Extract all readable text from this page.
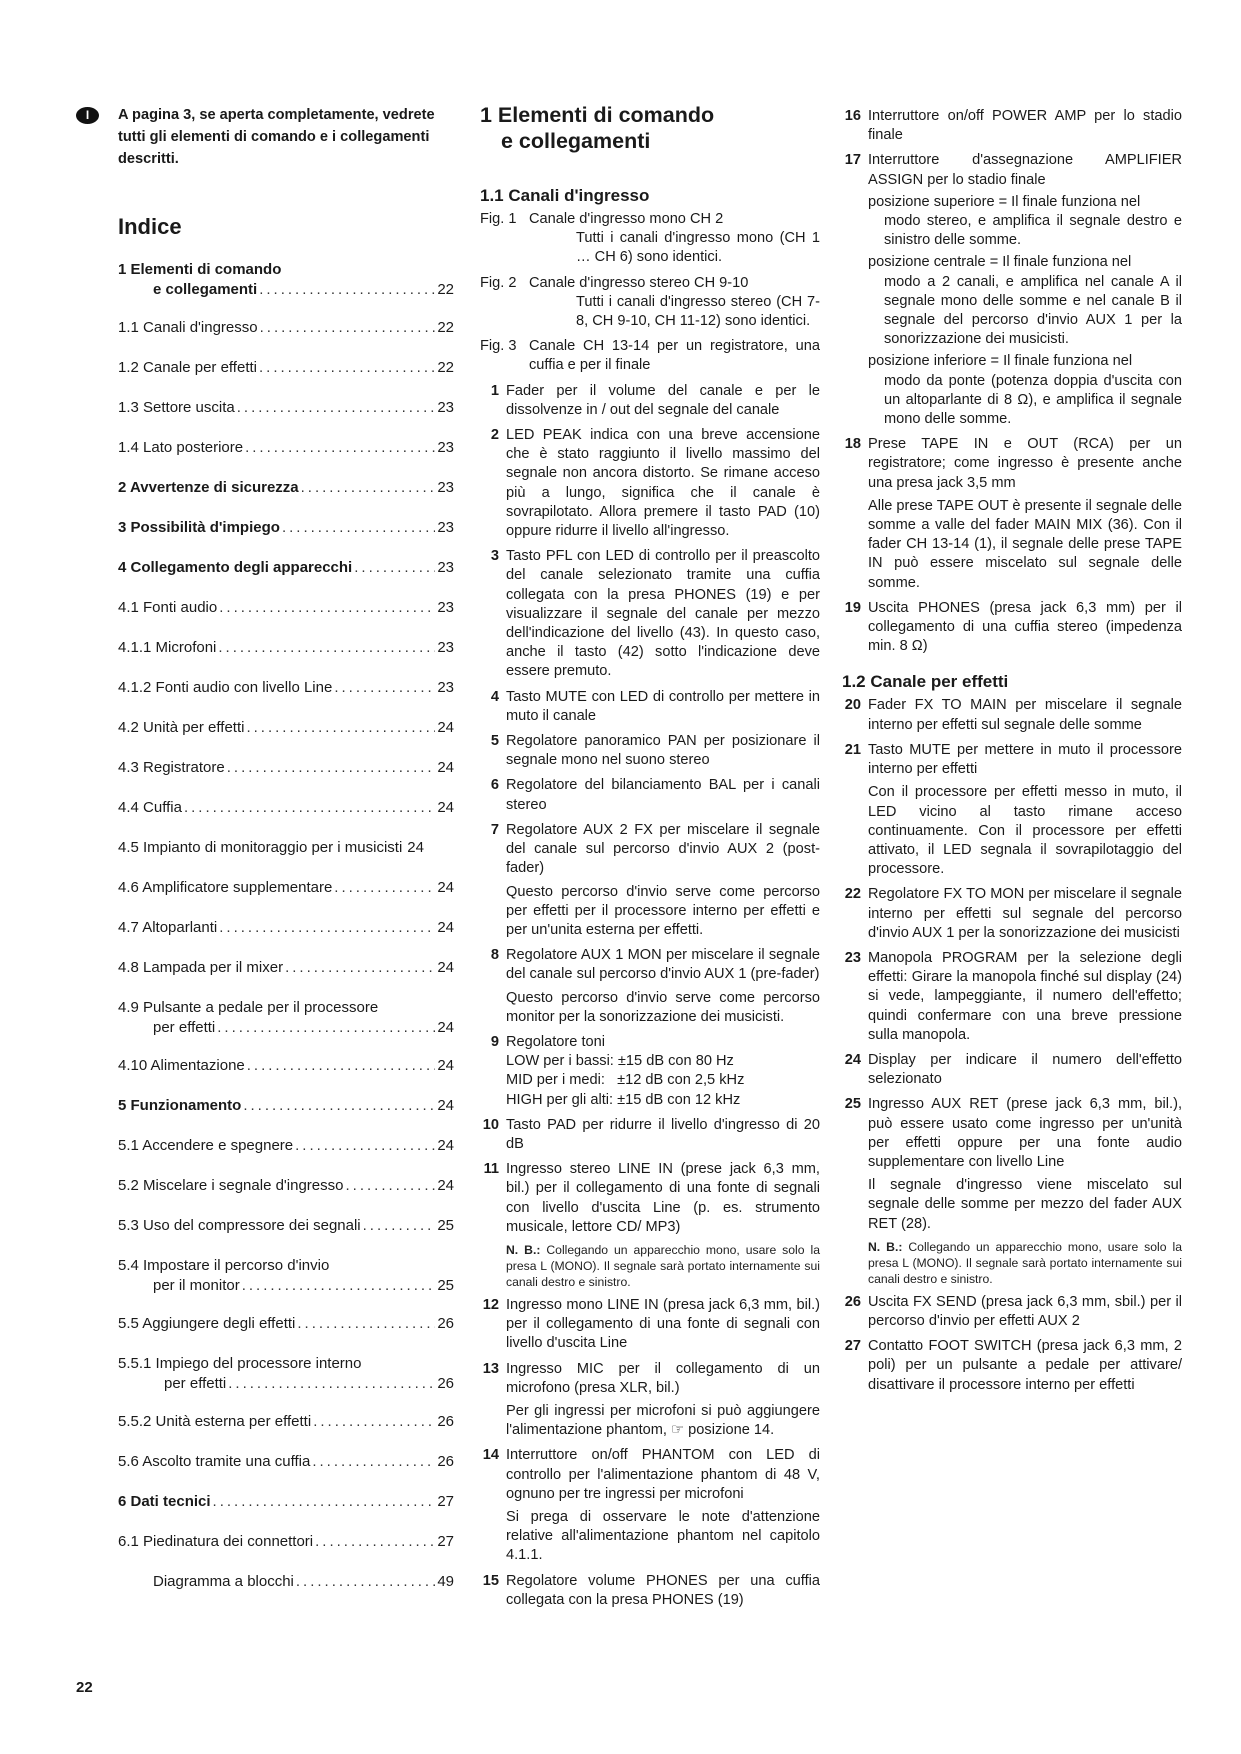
I	A pagina 3, se aperta completamente, vedrete tutti gli elementi di comando e i collegamenti descritti.
Indice
1 Elementi di comando
e collegamenti .....	22
1.1 Canali d'ingresso .....	22
1.2 Canale per effetti .....	22
1.3 Settore uscita .....	23
1.4 Lato posteriore .....	23
2 Avvertenze di sicurezza .....	23
3 Possibilità d'impiego .....	23
4 Collegamento degli apparecchi .....	23
4.1 Fonti audio .....	23
4.1.1 Microfoni .....	23
4.1.2 Fonti audio con livello Line .....	23
4.2 Unità per effetti .....	24
4.3 Registratore .....	24
4.4 Cuffia .....	24
4.5 Impianto di monitoraggio per i musicisti 24
4.6 Amplificatore supplementare .....	24
4.7 Altoparlanti .....	24
4.8 Lampada per il mixer .....	24
4.9 Pulsante a pedale per il processore
per effetti .....	24
4.10 Alimentazione .....	24
5 Funzionamento .....	24
5.1 Accendere e spegnere .....	24
5.2 Miscelare i segnale d'ingresso .....	24
5.3 Uso del compressore dei segnali .....	25
5.4 Impostare il percorso d'invio
per il monitor .....	25
5.5 Aggiungere degli effetti .....	26
5.5.1 Impiego del processore interno
per effetti .....	26
5.5.2 Unità esterna per effetti .....	26
5.6 Ascolto tramite una cuffia .....	26
6 Dati tecnici .....	27
6.1 Piedinatura dei connettori .....	27
Diagramma a blocchi .....	49
1 Elementi di comando
e collegamenti
1.1 Canali d'ingresso
Fig. 1 Canale d'ingresso mono CH 2
Tutti i canali d'ingresso mono (CH 1 … CH 6) sono identici.
Fig. 2 Canale d'ingresso stereo CH 9-10
Tutti i canali d'ingresso stereo (CH 7-8, CH 9-10, CH 11-12) sono identici.
Fig. 3 Canale CH 13-14 per un registratore, una cuffia e per il finale
1 Fader per il volume del canale e per le dissolvenze in / out del segnale del canale
2 LED PEAK indica con una breve accensione che è stato raggiunto il livello massimo del segnale non ancora distorto. Se rimane acceso più a lungo, significa che il canale è sovrapilotato. Allora premere il tasto PAD (10) oppure ridurre il livello all'ingresso.
3 Tasto PFL con LED di controllo per il preascolto del canale selezionato tramite una cuffia collegata con la presa PHONES (19) e per visualizzare il segnale del canale per mezzo dell'indicazione del livello (43). In questo caso, anche il tasto (42) sotto l'indicazione deve essere premuto.
4 Tasto MUTE con LED di controllo per mettere in muto il canale
5 Regolatore panoramico PAN per posizionare il segnale mono nel suono stereo
6 Regolatore del bilanciamento BAL per i canali stereo
7 Regolatore AUX 2 FX per miscelare il segnale del canale sul percorso d'invio AUX 2 (post-fader)
Questo percorso d'invio serve come percorso per effetti per il processore interno per effetti e per un'unita esterna per effetti.
8 Regolatore AUX 1 MON per miscelare il segnale del canale sul percorso d'invio AUX 1 (pre-fader)
Questo percorso d'invio serve come percorso monitor per la sonorizzazione dei musicisti.
9 Regolatore toni
LOW per i bassi: ±15 dB con 80 Hz
MID per i medi:   ±12 dB con 2,5 kHz
HIGH per gli alti: ±15 dB con 12 kHz
10 Tasto PAD per ridurre il livello d'ingresso di 20 dB
11 Ingresso stereo LINE IN (prese jack 6,3 mm, bil.) per il collegamento di una fonte di segnali con livello d'uscita Line (p. es. strumento musicale, lettore CD/ MP3)
N. B.: Collegando un apparecchio mono, usare solo la presa L (MONO). Il segnale sarà portato internamente sui canali destro e sinistro.
12 Ingresso mono LINE IN (presa jack 6,3 mm, bil.) per il collegamento di una fonte di segnali con livello d'uscita Line
13 Ingresso MIC per il collegamento di un microfono (presa XLR, bil.)
Per gli ingressi per microfoni si può aggiungere l'alimentazione phantom, ☞ posizione 14.
14 Interruttore on/off PHANTOM con LED di controllo per l'alimentazione phantom di 48 V, ognuno per tre ingressi per microfoni
Si prega di osservare le note d'attenzione relative all'alimentazione phantom nel capitolo 4.1.1.
15 Regolatore volume PHONES per una cuffia collegata con la presa PHONES (19)
16 Interruttore on/off POWER AMP per lo stadio finale
17 Interruttore d'assegnazione AMPLIFIER ASSIGN per lo stadio finale
posizione superiore = Il finale funziona nel
modo stereo, e amplifica il segnale destro e sinistro delle somme.
posizione centrale = Il finale funziona nel
modo a 2 canali, e amplifica nel canale A il segnale mono delle somme e nel canale B il segnale del percorso d'invio AUX 1 per la sonorizzazione dei musicisti.
posizione inferiore = Il finale funziona nel
modo da ponte (potenza doppia d'uscita con un altoparlante di 8 Ω), e amplifica il segnale mono delle somme.
18 Prese TAPE IN e OUT (RCA) per un registratore; come ingresso è presente anche una presa jack 3,5 mm
Alle prese TAPE OUT è presente il segnale delle somme a valle del fader MAIN MIX (36). Con il fader CH 13-14 (1), il segnale delle prese TAPE IN può essere miscelato sul segnale delle somme.
19 Uscita PHONES (presa jack 6,3 mm) per il collegamento di una cuffia stereo (impedenza min. 8 Ω)
1.2 Canale per effetti
20 Fader FX TO MAIN per miscelare il segnale interno per effetti sul segnale delle somme
21 Tasto MUTE per mettere in muto il processore interno per effetti
Con il processore per effetti messo in muto, il LED vicino al tasto rimane acceso continuamente. Con il processore per effetti attivato, il LED segnala il sovrapilotaggio del processore.
22 Regolatore FX TO MON per miscelare il segnale interno per effetti sul segnale del percorso d'invio AUX 1 per la sonorizzazione dei musicisti
23 Manopola PROGRAM per la selezione degli effetti: Girare la manopola finché sul display (24) si vede, lampeggiante, il numero dell'effetto; quindi confermare con una breve pressione sulla manopola.
24 Display per indicare il numero dell'effetto selezionato
25 Ingresso AUX RET (prese jack 6,3 mm, bil.), può essere usato come ingresso per un'unità per effetti oppure per una fonte audio supplementare con livello Line
Il segnale d'ingresso viene miscelato sul segnale delle somme per mezzo del fader AUX RET (28).
N. B.: Collegando un apparecchio mono, usare solo la presa L (MONO). Il segnale sarà portato internamente sui canali destro e sinistro.
26 Uscita FX SEND (presa jack 6,3 mm, sbil.) per il percorso d'invio per effetti AUX 2
27 Contatto FOOT SWITCH (presa jack 6,3 mm, 2 poli) per un pulsante a pedale per attivare/ disattivare il processore interno per effetti
22
